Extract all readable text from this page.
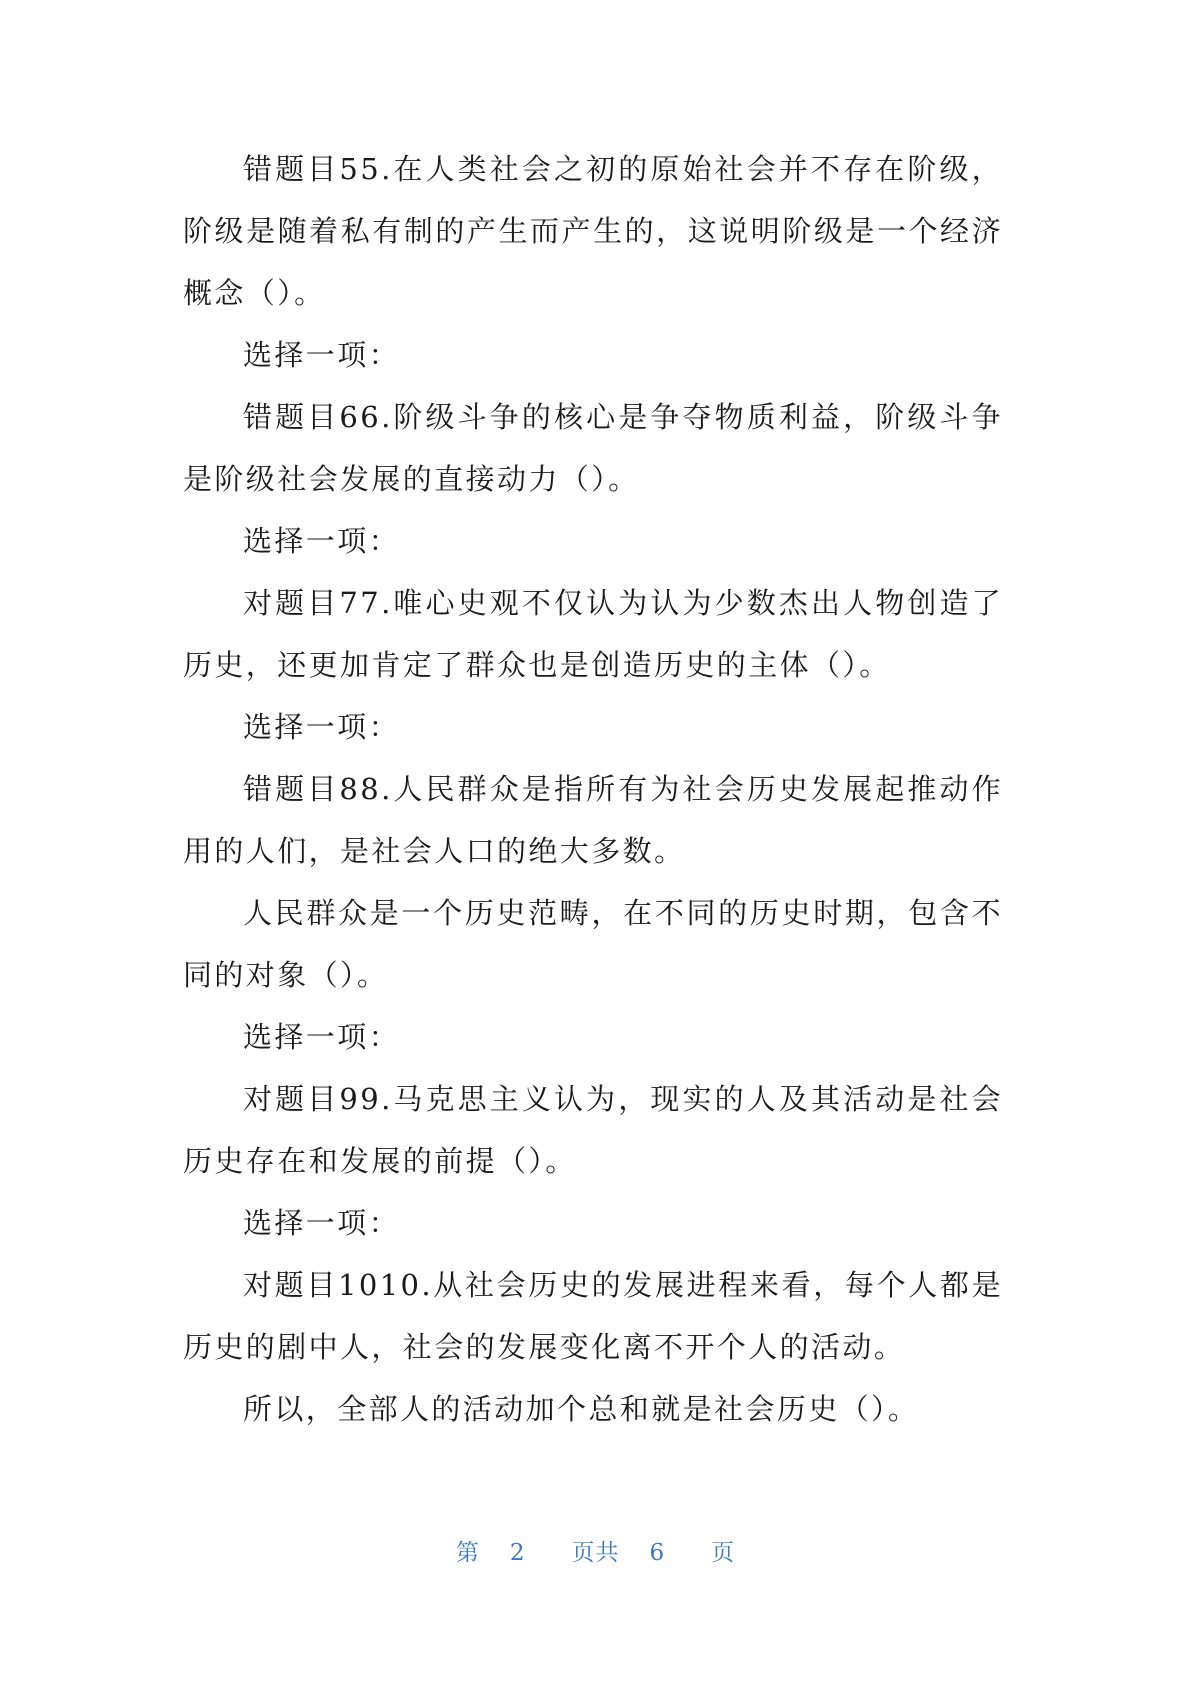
错题目55.在人类社会之初的原始社会并不存在阶级，阶级是随着私有制的产生而产生的，这说明阶级是一个经济概念（）。

选择一项：

错题目66.阶级斗争的核心是争夺物质利益，阶级斗争是阶级社会发展的直接动力（）。

选择一项：

对题目77.唯心史观不仅认为认为少数杰出人物创造了历史，还更加肯定了群众也是创造历史的主体（）。

选择一项：

错题目88.人民群众是指所有为社会历史发展起推动作用的人们，是社会人口的绝大多数。

人民群众是一个历史范畴，在不同的历史时期，包含不同的对象（）。

选择一项：

对题目99.马克思主义认为，现实的人及其活动是社会历史存在和发展的前提（）。

选择一项：

对题目1010.从社会历史的发展进程来看，每个人都是历史的剧中人，社会的发展变化离不开个人的活动。

所以，全部人的活动加个总和就是社会历史（）。

第 2 页共 6 页
